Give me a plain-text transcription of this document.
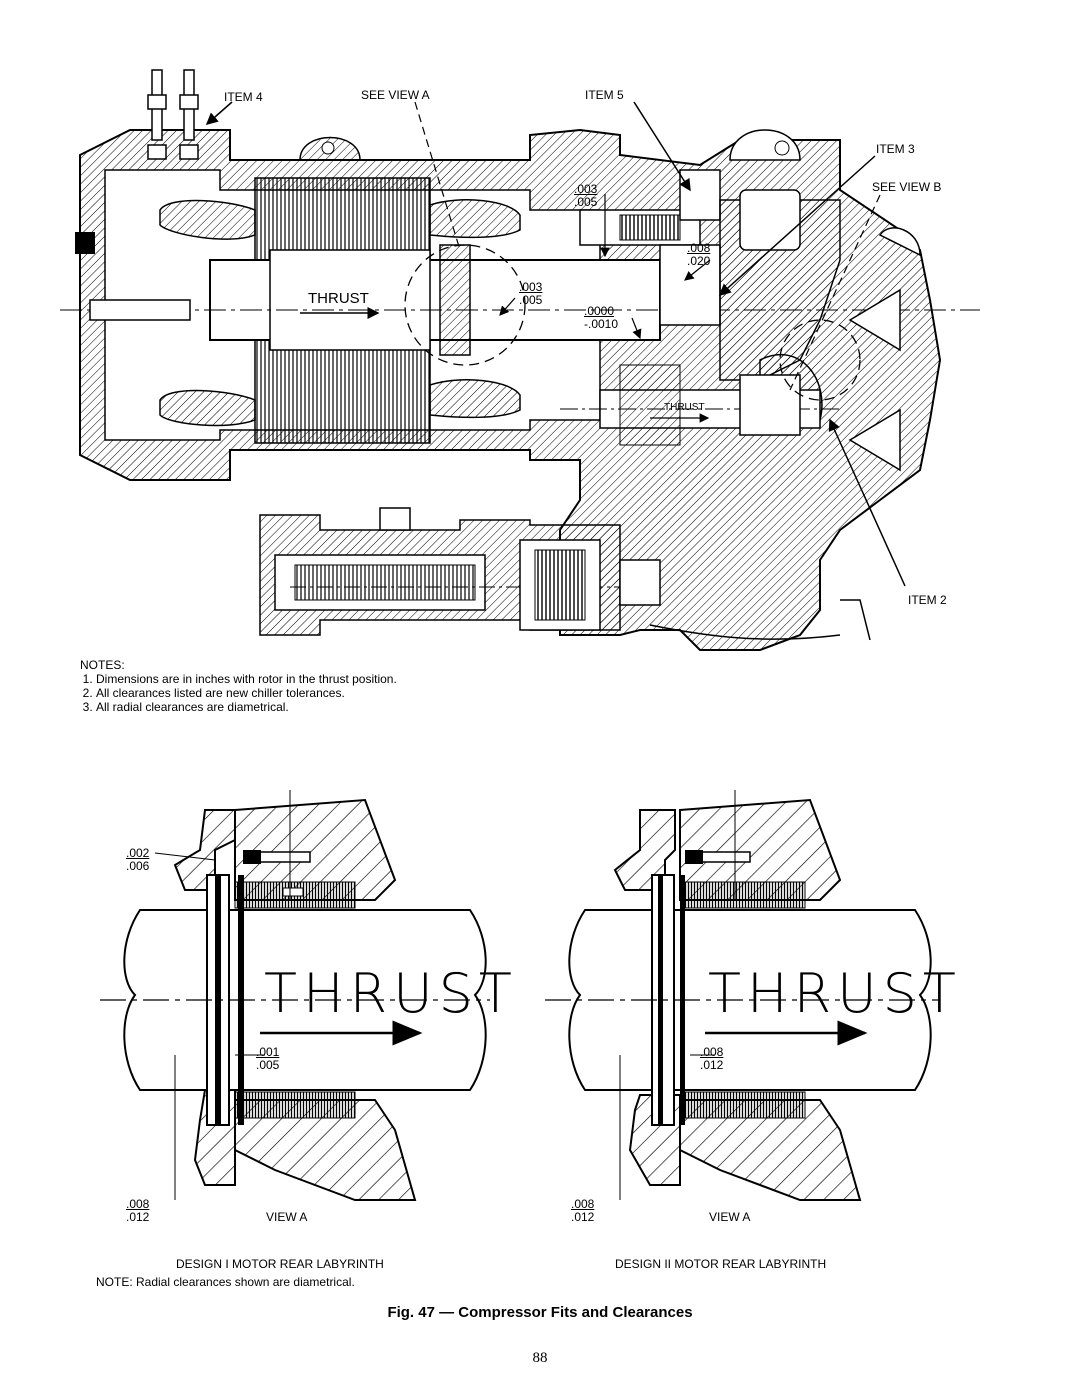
ITEM 4	SEE VIEW A	ITEM 5
ITEM 3
SEE VIEW B
ITEM 2
THRUST
THRUST
.003
.005
.008
.020
.003
.005
.0000
-.0010
NOTES:
1. Dimensions are in inches with rotor in the thrust position.
2. All clearances listed are new chiller tolerances.
3. All radial clearances are diametrical.
THRUST
.002
.006
.001
.005
.008
.012	VIEW A
DESIGN I MOTOR REAR LABYRINTH
THRUST
.008
.012
.008
.012	VIEW A
DESIGN II MOTOR REAR LABYRINTH
NOTE: Radial clearances shown are diametrical.
Fig. 47 — Compressor Fits and Clearances
88
